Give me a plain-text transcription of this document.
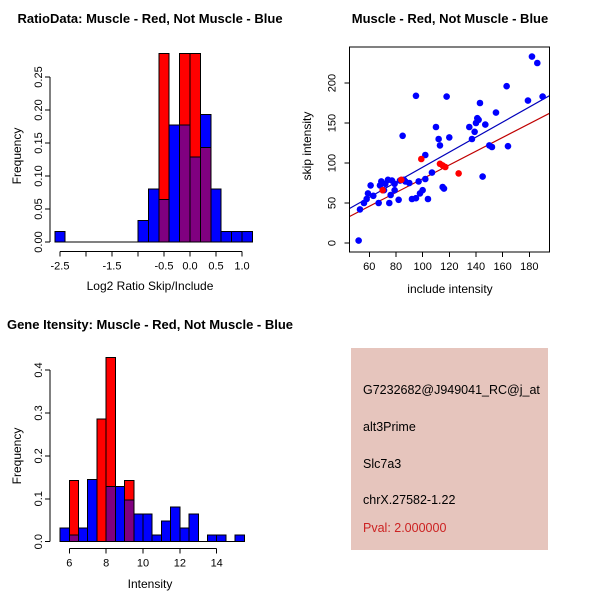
RatioData: Muscle - Red, Not Muscle - Blue
Log2 Ratio Skip/Include
Frequency
-2.5	-1.5	-0.5 0.0 0.5 1.0
0.00
0.05
0.10
0.15
0.20
0.25
Muscle - Red, Not Muscle - Blue
include intensity
skip intensity
60 80 100 120 140 160 180
0
50
100
150
200
Gene Itensity: Muscle - Red, Not Muscle - Blue
Intensity
Frequency
6	8	10 12 14
0.0
0.1
0.2
0.3
0.4
G7232682@J949041_RC@j_at
alt3Prime
Slc7a3
chrX.27582-1.22
Pval: 2.000000
